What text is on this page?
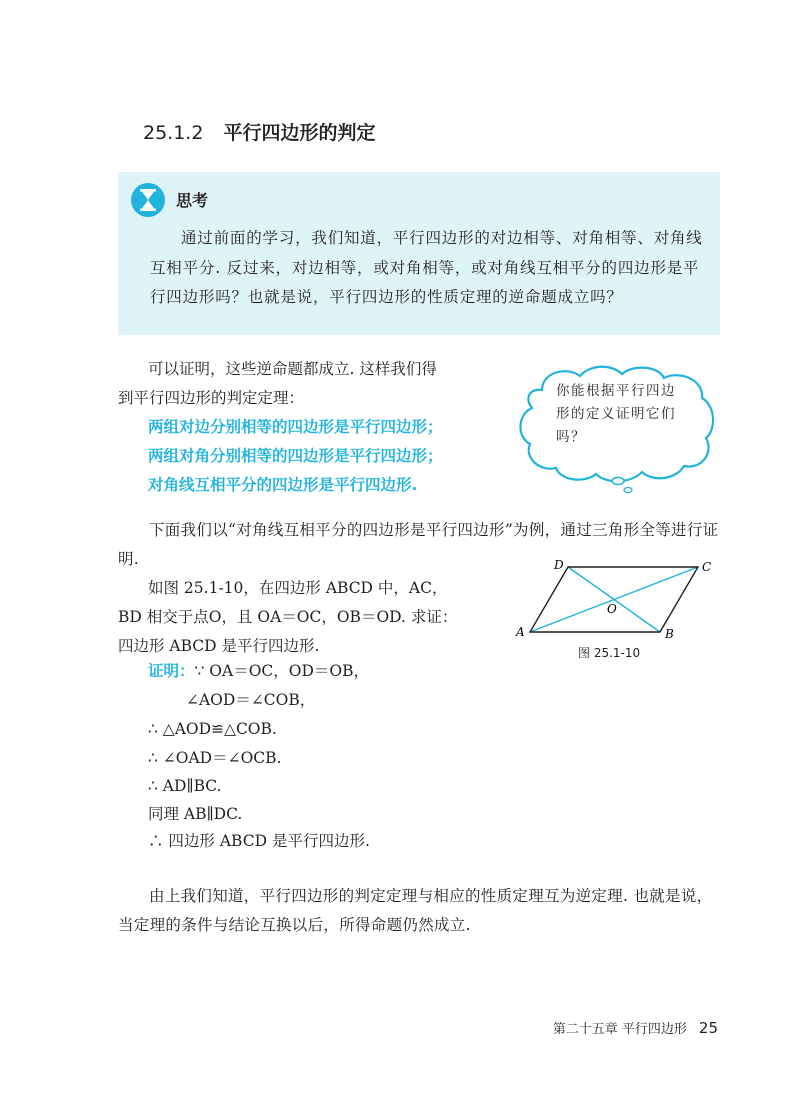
25.1.2 平行四边形的判定
思考
通过前面的学习，我们知道，平行四边形的对边相等、对角相等、对角线互相平分. 反过来，对边相等，或对角相等，或对角线互相平分的四边形是平行四边形吗？也就是说，平行四边形的性质定理的逆命题成立吗？
可以证明，这些逆命题都成立. 这样我们得
到平行四边形的判定定理：
两组对边分别相等的四边形是平行四边形；
两组对角分别相等的四边形是平行四边形；
对角线互相平分的四边形是平行四边形.
你能根据平行四边形的定义证明它们吗？
下面我们以“对角线互相平分的四边形是平行四边形”为例，通过三角形全等进行证明.
如图 25.1-10，在四边形 ABCD 中，AC，
BD 相交于点O，且 OA＝OC，OB＝OD. 求证：
四边形 ABCD 是平行四边形.
A	B
C
D
O
图 25.1-10
证明：∵ OA＝OC，OD＝OB，
∠AOD＝∠COB，
∴ △AOD≌△COB.
∴ ∠OAD＝∠OCB.
∴ AD∥BC.
同理 AB∥DC.
∴ 四边形 ABCD 是平行四边形.
由上我们知道，平行四边形的判定定理与相应的性质定理互为逆定理. 也就是说，当定理的条件与结论互换以后，所得命题仍然成立.
第二十五章 平行四边形 25
